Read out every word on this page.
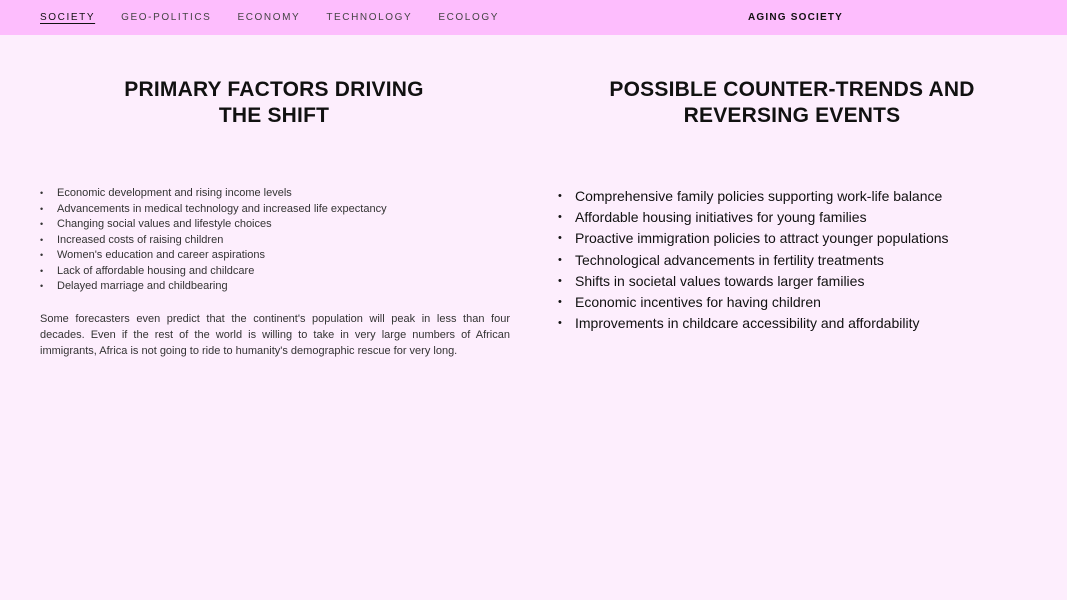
SOCIETY	GEO-POLITICS	ECONOMY	TECHNOLOGY	ECOLOGY	AGING SOCIETY
PRIMARY FACTORS DRIVING
THE SHIFT
• Economic development and rising income levels
• Advancements in medical technology and increased life expectancy
• Changing social values and lifestyle choices
• Increased costs of raising children
• Women's education and career aspirations
• Lack of affordable housing and childcare
• Delayed marriage and childbearing

Some forecasters even predict that the continent's population will peak in less than four decades. Even if the rest of the world is willing to take in very large numbers of African immigrants, Africa is not going to ride to humanity's demographic rescue for very long.

POSSIBLE COUNTER-TRENDS AND
REVERSING EVENTS
• Comprehensive family policies supporting work-life balance
• Affordable housing initiatives for young families
• Proactive immigration policies to attract younger populations
• Technological advancements in fertility treatments
• Shifts in societal values towards larger families
• Economic incentives for having children
• Improvements in childcare accessibility and affordability
